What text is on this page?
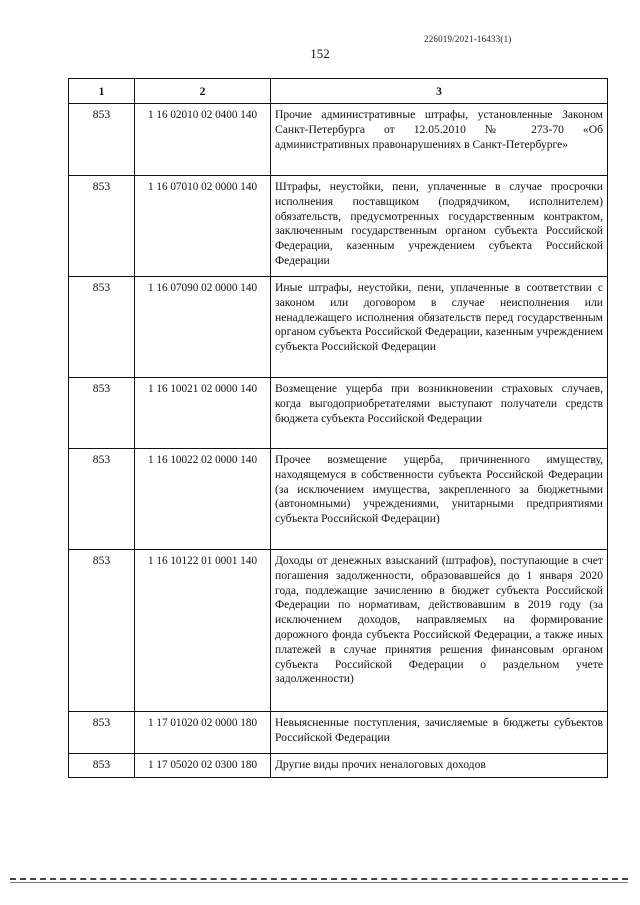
226019/2021-16433(1)
152
1	2	3
853	1 16 02010 02 0400 140	Прочие административные штрафы, установленные Законом Санкт-Петербурга от 12.05.2010 № 273-70 «Об административных правонарушениях в Санкт-Петербурге»
853	1 16 07010 02 0000 140	Штрафы, неустойки, пени, уплаченные в случае просрочки исполнения поставщиком (подрядчиком, исполнителем) обязательств, предусмотренных государственным контрактом, заключенным государственным органом субъекта Российской Федерации, казенным учреждением субъекта Российской Федерации
853	1 16 07090 02 0000 140	Иные штрафы, неустойки, пени, уплаченные в соответствии с законом или договором в случае неисполнения или ненадлежащего исполнения обязательств перед государственным органом субъекта Российской Федерации, казенным учреждением субъекта Российской Федерации
853	1 16 10021 02 0000 140	Возмещение ущерба при возникновении страховых случаев, когда выгодоприобретателями выступают получатели средств бюджета субъекта Российской Федерации
853	1 16 10022 02 0000 140	Прочее возмещение ущерба, причиненного имуществу, находящемуся в собственности субъекта Российской Федерации (за исключением имущества, закрепленного за бюджетными (автономными) учреждениями, унитарными предприятиями субъекта Российской Федерации)
853	1 16 10122 01 0001 140	Доходы от денежных взысканий (штрафов), поступающие в счет погашения задолженности, образовавшейся до 1 января 2020 года, подлежащие зачислению в бюджет субъекта Российской Федерации по нормативам, действовавшим в 2019 году (за исключением доходов, направляемых на формирование дорожного фонда субъекта Российской Федерации, а также иных платежей в случае принятия решения финансовым органом субъекта Российской Федерации о раздельном учете задолженности)
853	1 17 01020 02 0000 180	Невыясненные поступления, зачисляемые в бюджеты субъектов Российской Федерации
853	1 17 05020 02 0300 180	Другие виды прочих неналоговых доходов
